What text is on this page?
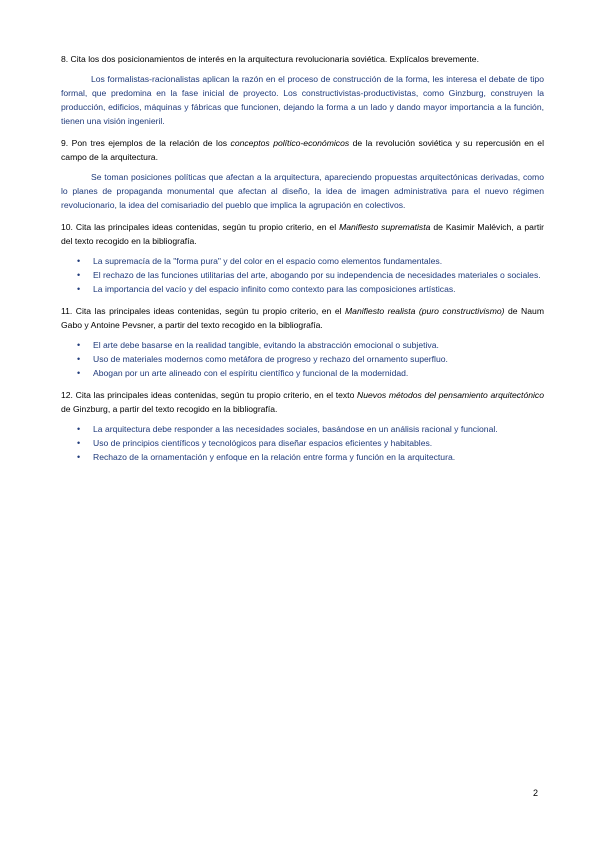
8. Cita los dos posicionamientos de interés en la arquitectura revolucionaria soviética. Explícalos brevemente.

Los formalistas-racionalistas aplican la razón en el proceso de construcción de la forma, les interesa el debate de tipo formal, que predomina en la fase inicial de proyecto. Los constructivistas-productivistas, como Ginzburg, construyen la producción, edificios, máquinas y fábricas que funcionen, dejando la forma a un lado y dando mayor importancia a la función, tienen una visión ingenieril.

9. Pon tres ejemplos de la relación de los conceptos político-económicos de la revolución soviética y su repercusión en el campo de la arquitectura.

Se toman posiciones políticas que afectan a la arquitectura, apareciendo propuestas arquitectónicas derivadas, como lo planes de propaganda monumental que afectan al diseño, la idea de imagen administrativa para el nuevo régimen revolucionario, la idea del comisariadio del pueblo que implica la agrupación en colectivos.

10. Cita las principales ideas contenidas, según tu propio criterio, en el Manifiesto suprematista de Kasimir Malévich, a partir del texto recogido en la bibliografía.

• La supremacía de la "forma pura" y del color en el espacio como elementos fundamentales.
• El rechazo de las funciones utilitarias del arte, abogando por su independencia de necesidades materiales o sociales.
• La importancia del vacío y del espacio infinito como contexto para las composiciones artísticas.

11. Cita las principales ideas contenidas, según tu propio criterio, en el Manifiesto realista (puro constructivismo) de Naum Gabo y Antoine Pevsner, a partir del texto recogido en la bibliografía.

• El arte debe basarse en la realidad tangible, evitando la abstracción emocional o subjetiva.
• Uso de materiales modernos como metáfora de progreso y rechazo del ornamento superfluo.
• Abogan por un arte alineado con el espíritu científico y funcional de la modernidad.

12. Cita las principales ideas contenidas, según tu propio criterio, en el texto Nuevos métodos del pensamiento arquitectónico de Ginzburg, a partir del texto recogido en la bibliografía.

• La arquitectura debe responder a las necesidades sociales, basándose en un análisis racional y funcional.
• Uso de principios científicos y tecnológicos para diseñar espacios eficientes y habitables.
• Rechazo de la ornamentación y enfoque en la relación entre forma y función en la arquitectura.
2
